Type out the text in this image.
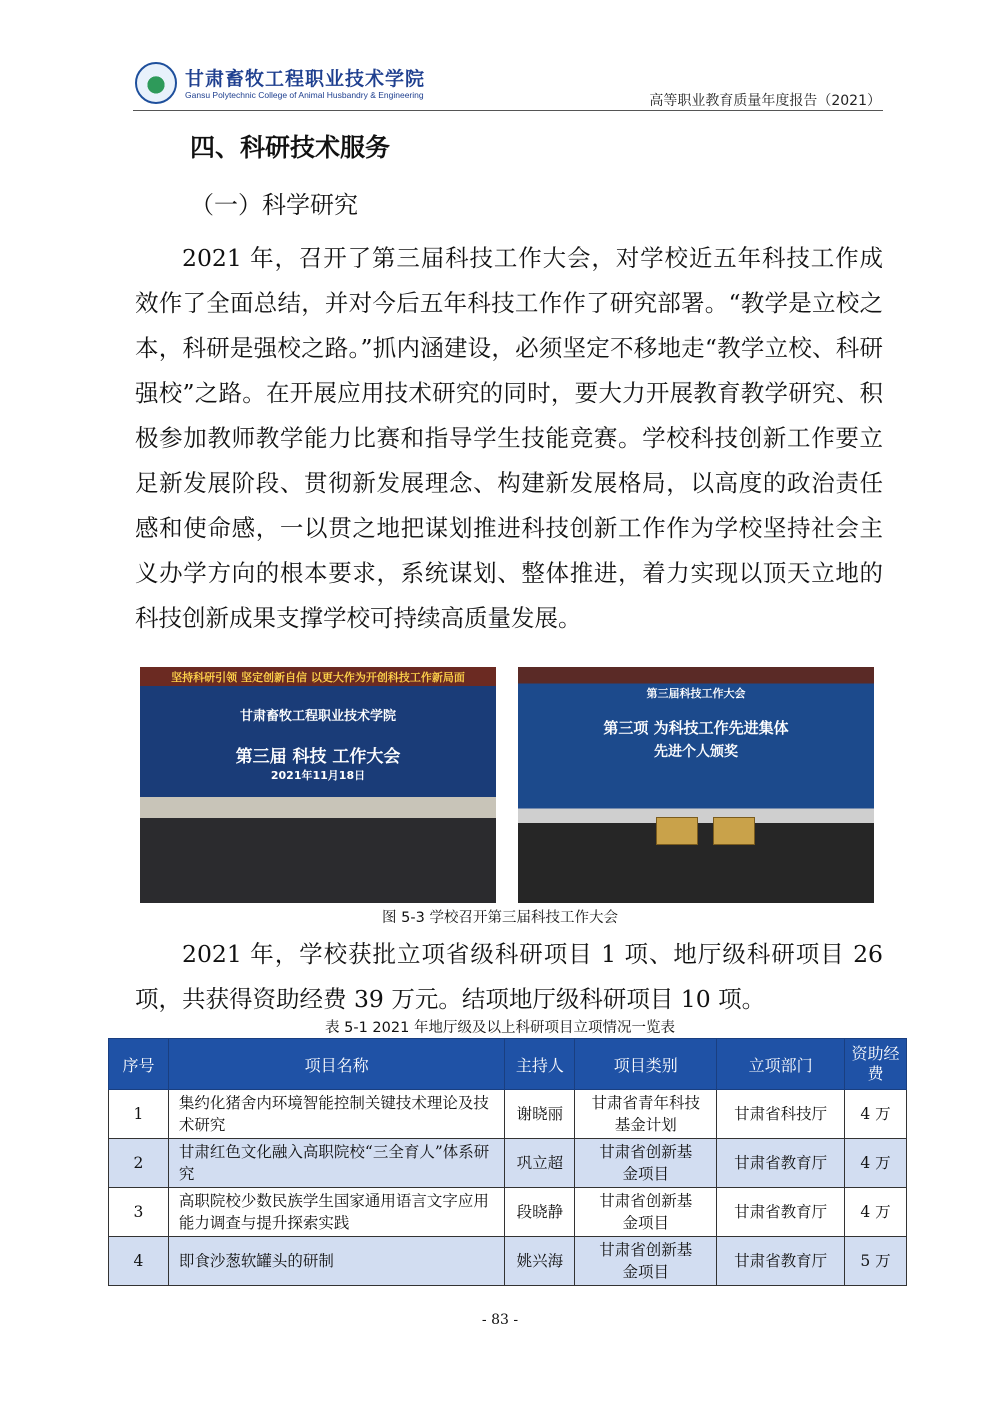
甘肃畜牧工程职业技术学院
Gansu Polytechnic College of Animal Husbandry & Engineering	高等职业教育质量年度报告（2021）
四、科研技术服务
（一）科学研究
2021 年，召开了第三届科技工作大会，对学校近五年科技工作成效作了全面总结，并对今后五年科技工作作了研究部署。“教学是立校之本，科研是强校之路。”抓内涵建设，必须坚定不移地走“教学立校、科研强校”之路。在开展应用技术研究的同时，要大力开展教育教学研究、积极参加教师教学能力比赛和指导学生技能竞赛。学校科技创新工作要立足新发展阶段、贯彻新发展理念、构建新发展格局，以高度的政治责任感和使命感，一以贯之地把谋划推进科技创新工作作为学校坚持社会主义办学方向的根本要求，系统谋划、整体推进，着力实现以顶天立地的科技创新成果支撑学校可持续高质量发展。
坚持科研引领 坚定创新自信 以更大作为开创科技工作新局面
甘肃畜牧工程职业技术学院
第三届 科技 工作大会
2021年11月18日
第三届科技工作大会
第三项 为科技工作先进集体
先进个人颁奖
图 5-3 学校召开第三届科技工作大会
2021 年，学校获批立项省级科研项目 1 项、地厅级科研项目 26 项，共获得资助经费 39 万元。结项地厅级科研项目 10 项。
表 5-1 2021 年地厅级及以上科研项目立项情况一览表
序号	项目名称	主持人	项目类别	立项部门	资助经费
1	集约化猪舍内环境智能控制关键技术理论及技术研究	谢晓丽	甘肃省青年科技基金计划	甘肃省科技厅	4 万
2	甘肃红色文化融入高职院校“三全育人”体系研究	巩立超	甘肃省创新基金项目	甘肃省教育厅	4 万
3	高职院校少数民族学生国家通用语言文字应用能力调查与提升探索实践	段晓静	甘肃省创新基金项目	甘肃省教育厅	4 万
4	即食沙葱软罐头的研制	姚兴海	甘肃省创新基金项目	甘肃省教育厅	5 万
- 83 -
